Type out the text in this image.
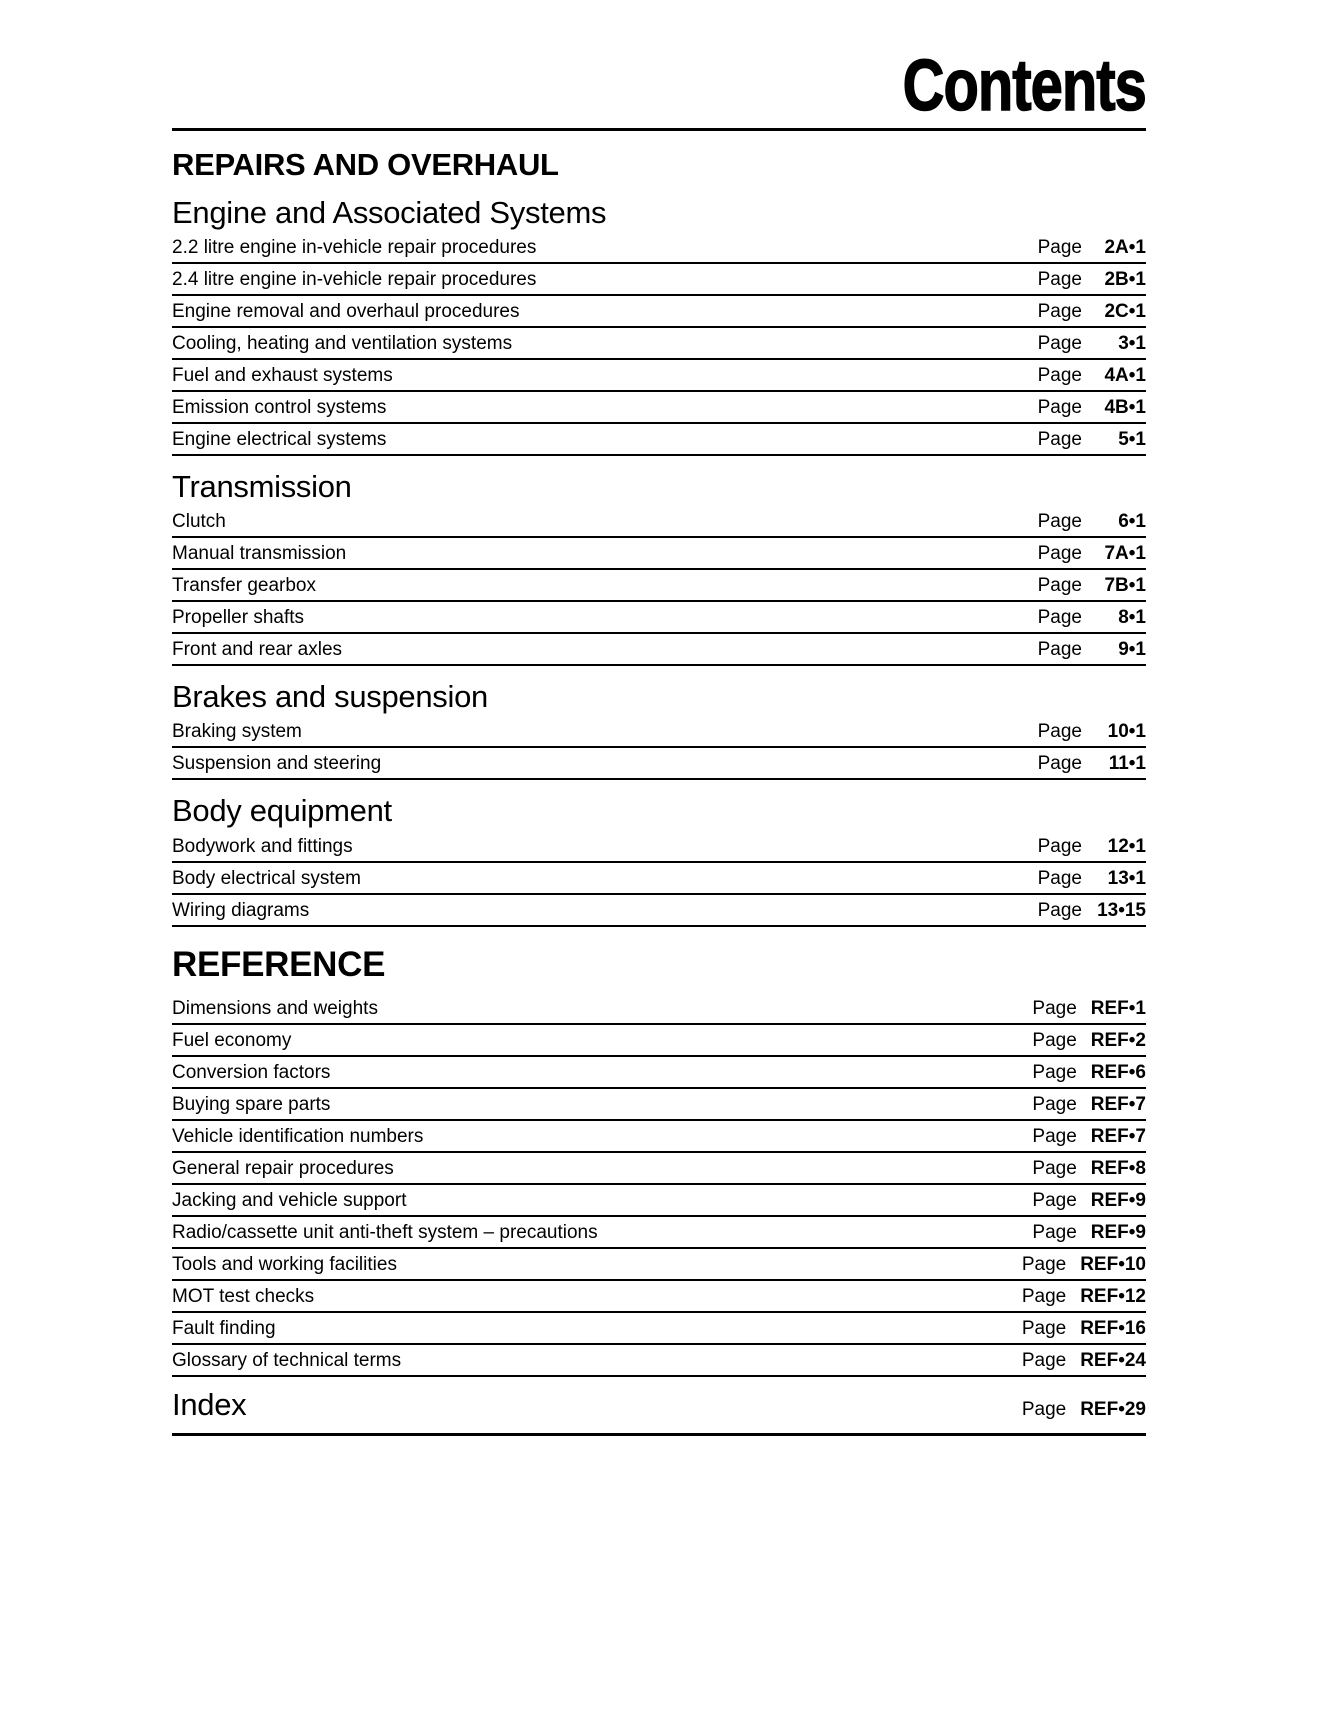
Contents
REPAIRS AND OVERHAUL
Engine and Associated Systems
2.2 litre engine in-vehicle repair procedures	Page	2A•1
2.4 litre engine in-vehicle repair procedures	Page	2B•1
Engine removal and overhaul procedures	Page	2C•1
Cooling, heating and ventilation systems	Page	3•1
Fuel and exhaust systems	Page	4A•1
Emission control systems	Page	4B•1
Engine electrical systems	Page	5•1
Transmission
Clutch	Page	6•1
Manual transmission	Page	7A•1
Transfer gearbox	Page	7B•1
Propeller shafts	Page	8•1
Front and rear axles	Page	9•1
Brakes and suspension
Braking system	Page	10•1
Suspension and steering	Page	11•1
Body equipment
Bodywork and fittings	Page	12•1
Body electrical system	Page	13•1
Wiring diagrams	Page 13•15
REFERENCE
Dimensions and weights	Page REF•1
Fuel economy	Page REF•2
Conversion factors	Page REF•6
Buying spare parts	Page REF•7
Vehicle identification numbers	Page REF•7
General repair procedures	Page REF•8
Jacking and vehicle support	Page REF•9
Radio/cassette unit anti-theft system – precautions	Page REF•9
Tools and working facilities	Page REF•10
MOT test checks	Page REF•12
Fault finding	Page REF•16
Glossary of technical terms	Page REF•24
Index	Page REF•29
